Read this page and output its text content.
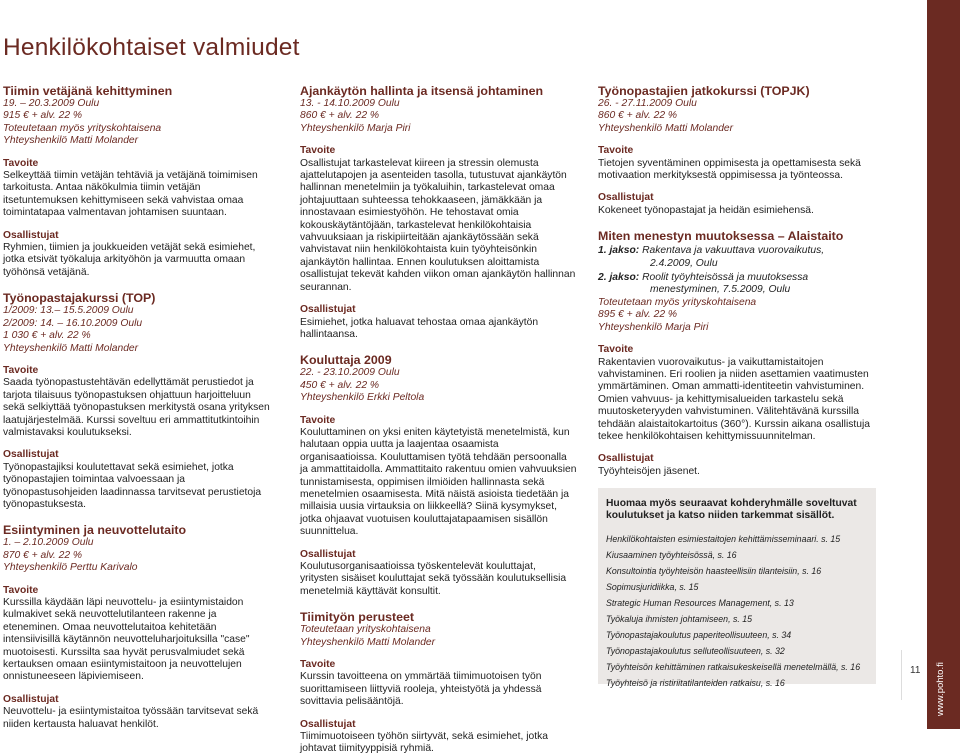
Henkilökohtaiset valmiudet
Tiimin vetäjänä kehittyminen
19. – 20.3.2009 Oulu
915 € + alv. 22 %
Toteutetaan myös yrityskohtaisena
Yhteyshenkilö Matti Molander
Tavoite

Selkeyttää tiimin vetäjän tehtäviä ja vetäjänä toimimisen tarkoitusta. Antaa näkökulmia tiimin vetäjän itsetuntemuksen kehittymiseen sekä vahvistaa omaa toimintatapaa valmentavan johtamisen suuntaan.

Osallistujat

Ryhmien, tiimien ja joukkueiden vetäjät sekä esimiehet, jotka etsivät työkaluja arkityöhön ja varmuutta omaan työhönsä vetäjänä.

Työnopastajakurssi (TOP)
1/2009: 13.– 15.5.2009 Oulu
2/2009: 14. – 16.10.2009 Oulu
1 030 € + alv. 22 %
Yhteyshenkilö Matti Molander
Tavoite

Saada työnopastustehtävän edellyttämät perustiedot ja tarjota tilaisuus työnopastuksen ohjattuun harjoitteluun sekä selkiyttää työnopastuksen merkitystä osana yrityksen laatujärjestelmää. Kurssi soveltuu eri ammattitutkintoihin valmistavaksi koulutukseksi.

Osallistujat

Työnopastajiksi koulutettavat sekä esimiehet, jotka työnopastajien toimintaa valvoessaan ja työnopastusohjeiden laadinnassa tarvitsevat perustietoja työnopastuksesta.

Esiintyminen ja neuvottelutaito
1. – 2.10.2009 Oulu
870 € + alv. 22 %
Yhteyshenkilö Perttu Karivalo
Tavoite

Kurssilla käydään läpi neuvottelu- ja esiintymistaidon kulmakivet sekä neuvottelutilanteen rakenne ja eteneminen. Omaa neuvottelutaitoa kehitetään intensiivisillä käytännön neuvotteluharjoituksilla "case" muotoisesti. Kurssilta saa hyvät perusvalmiudet sekä kertauksen omaan esiintymistaitoon ja neuvottelujen onnistuneeseen läpiviemiseen.

Osallistujat

Neuvottelu- ja esiintymistaitoa työssään tarvitsevat sekä niiden kertausta haluavat henkilöt.

Ajankäytön hallinta ja itsensä johtaminen
13. - 14.10.2009 Oulu
860 € + alv. 22 %
Yhteyshenkilö Marja Piri
Tavoite

Osallistujat tarkastelevat kiireen ja stressin olemusta ajattelutapojen ja asenteiden tasolla, tutustuvat ajankäytön hallinnan menetelmiin ja työkaluihin, tarkastelevat omaa johtajuuttaan suhteessa tehokkaaseen, jämäkkään ja innostavaan esimiestyöhön. He tehostavat omia kokouskäytäntöjään, tarkastelevat henkilökohtaisia vahvuuksiaan ja riskipiirteitään ajankäytössään sekä vahvistavat niin henkilökohtaista kuin työyhteisönkin ajankäytön hallintaa. Ennen koulutuksen aloittamista osallistujat tekevät kahden viikon oman ajankäytön hallinnan seurannan.

Osallistujat

Esimiehet, jotka haluavat tehostaa omaa ajankäytön hallintaansa.

Kouluttaja 2009
22. - 23.10.2009 Oulu
450 € + alv. 22 %
Yhteyshenkilö Erkki Peltola
Tavoite

Kouluttaminen on yksi eniten käytetyistä menetelmistä, kun halutaan oppia uutta ja laajentaa osaamista organisaatioissa. Kouluttamisen työtä tehdään persoonalla ja ammattitaidolla. Ammattitaito rakentuu omien vahvuuksien tunnistamisesta, oppimisen ilmiöiden hallinnasta sekä menetelmien osaamisesta. Mitä näistä asioista tiedetään ja millaisia uusia virtauksia on liikkeellä? Siinä kysymykset, jotka ohjaavat vuotuisen kouluttajatapaamisen sisällön suunnittelua.

Osallistujat

Koulutusorganisaatioissa työskentelevät kouluttajat, yritysten sisäiset kouluttajat sekä työssään koulutuksellisia menetelmiä käyttävät konsultit.

Tiimityön perusteet
Toteutetaan yrityskohtaisena
Yhteyshenkilö Matti Molander
Tavoite

Kurssin tavoitteena on ymmärtää tiimimuotoisen työn suorittamiseen liittyviä rooleja, yhteistyötä ja yhdessä sovittavia pelisääntöjä.

Osallistujat

Tiimimuotoiseen työhön siirtyvät, sekä esimiehet, jotka johtavat tiimityyppisiä ryhmiä.

Työnopastajien jatkokurssi (TOPJK)
26. - 27.11.2009 Oulu
860 € + alv. 22 %
Yhteyshenkilö Matti Molander
Tavoite

Tietojen syventäminen oppimisesta ja opettamisesta sekä motivaation merkityksestä oppimisessa ja työnteossa.

Osallistujat

Kokeneet työnopastajat ja heidän esimiehensä.

Miten menestyn muutoksessa – Alaistaito
1. jakso: Rakentava ja vakuuttava vuorovaikutus,
2.4.2009, Oulu
2. jakso: Roolit työyhteisössä ja muutoksessa
menestyminen, 7.5.2009, Oulu
Toteutetaan myös yrityskohtaisena
895 € + alv. 22 %
Yhteyshenkilö Marja Piri
Tavoite

Rakentavien vuorovaikutus- ja vaikuttamistaitojen vahvistaminen. Eri roolien ja niiden asettamien vaatimusten ymmärtäminen. Oman ammatti-identiteetin vahvistuminen. Omien vahvuus- ja kehittymisalueiden tarkastelu sekä muutosketeryyden vahvistuminen. Välitehtävänä kurssilla tehdään alaistaitokartoitus (360°). Kurssin aikana osallistuja tekee henkilökohtaisen kehittymissuunnitelman.

Osallistujat

Työyhteisöjen jäsenet.

Huomaa myös seuraavat kohderyhmälle soveltuvat koulutukset ja katso niiden tarkemmat sisällöt.
Henkilökohtaisten esimiestaitojen kehittämisseminaari. s. 15
Kiusaaminen työyhteisössä, s. 16
Konsultointia työyhteisön haasteellisiin tilanteisiin, s. 16
Sopimusjuridiikka, s. 15
Strategic Human Resources Management, s. 13
Työkaluja ihmisten johtamiseen, s. 15
Työnopastajakoulutus paperiteollisuuteen, s. 34
Työnopastajakoulutus selluteollisuuteen, s. 32
Työyhteisön kehittäminen ratkaisukeskeisellä menetelmällä, s. 16
Työyhteisö ja ristiriitatilanteiden ratkaisu, s. 16
11 www.pohto.fi
